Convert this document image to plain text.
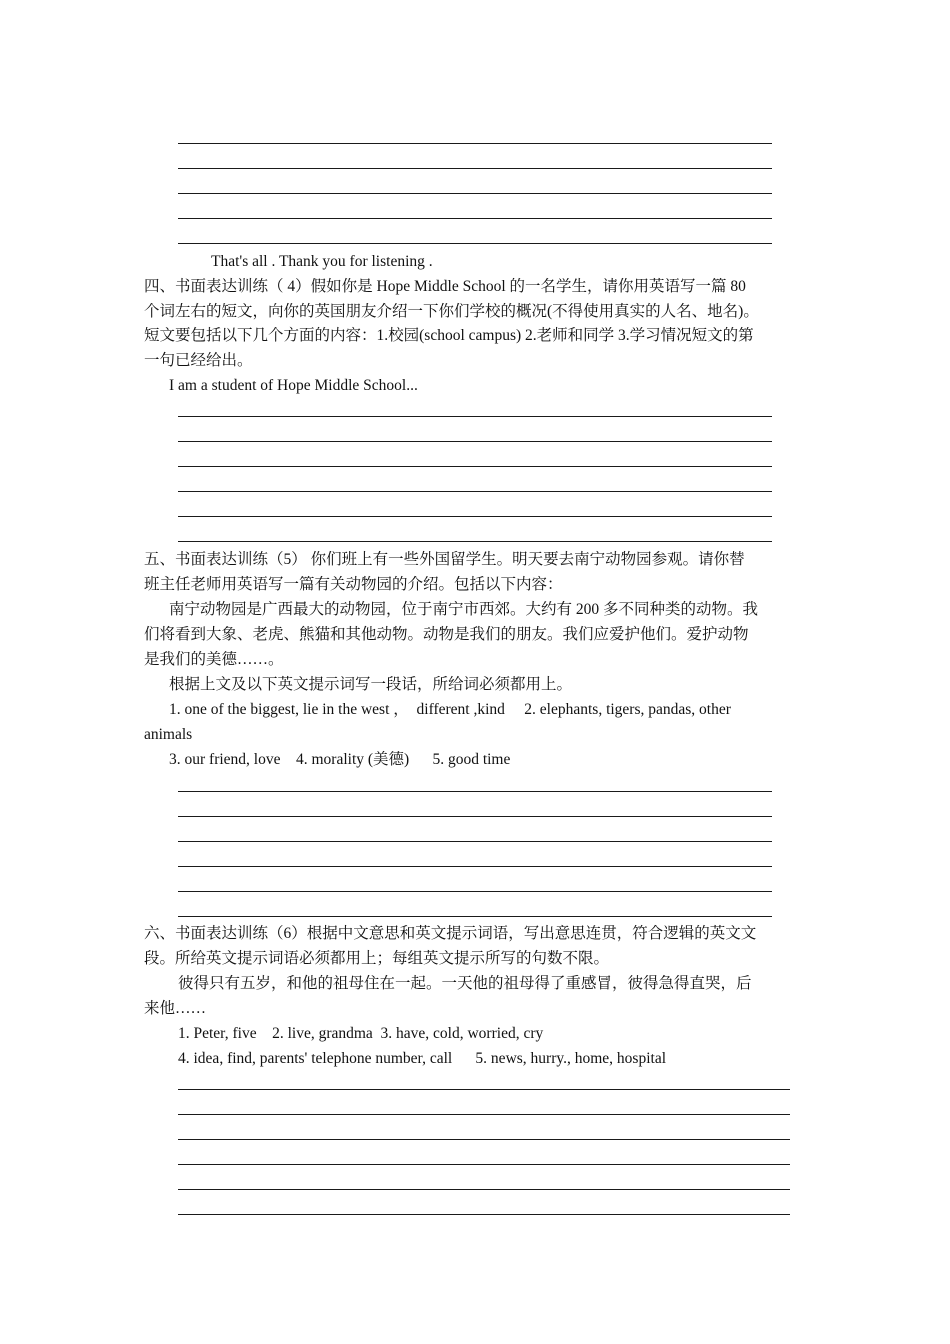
That's all . Thank you for listening .
四、书面表达训练（ 4）假如你是 Hope Middle School 的一名学生，请你用英语写一篇 80
个词左右的短文，向你的英国朋友介绍一下你们学校的概况(不得使用真实的人名、地名)。
短文要包括以下几个方面的内容：1.校园(school campus) 2.老师和同学 3.学习情况短文的第
一句已经给出。
I am a student of Hope Middle School...
五、书面表达训练（5） 你们班上有一些外国留学生。明天要去南宁动物园参观。请你替
班主任老师用英语写一篇有关动物园的介绍。包括以下内容：
南宁动物园是广西最大的动物园，位于南宁市西郊。大约有 200 多不同种类的动物。我
们将看到大象、老虎、熊猫和其他动物。动物是我们的朋友。我们应爱护他们。爱护动物
是我们的美德……。
根据上文及以下英文提示词写一段话，所给词必须都用上。
1. one of the biggest, lie in the west ，  different ,kind     2. elephants, tigers, pandas, other
animals
3. our friend, love    4. morality (美德)      5. good time
六、书面表达训练（6）根据中文意思和英文提示词语，写出意思连贯，符合逻辑的英文文
段。所给英文提示词语必须都用上；每组英文提示所写的句数不限。
彼得只有五岁，和他的祖母住在一起。一天他的祖母得了重感冒，彼得急得直哭，后
来他……
1. Peter, five    2. live, grandma  3. have, cold, worried, cry
4. idea, find, parents' telephone number, call      5. news, hurry., home, hospital
